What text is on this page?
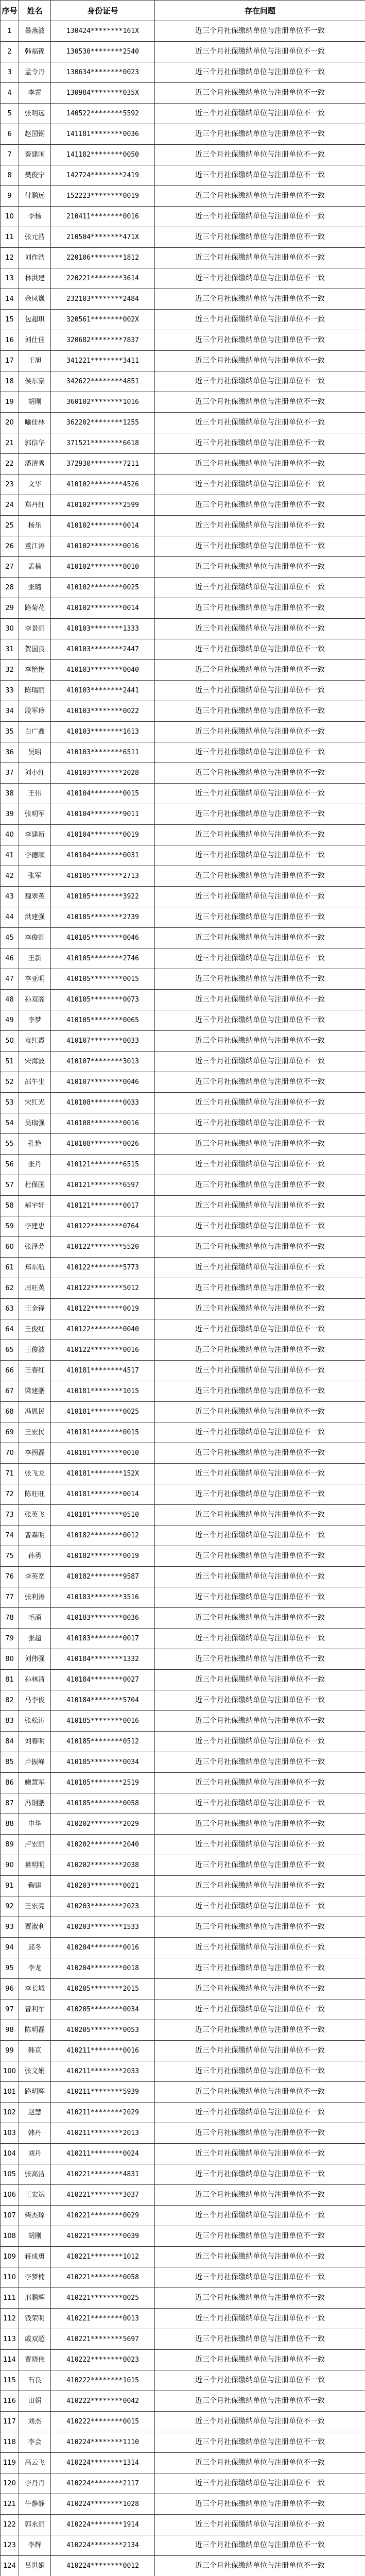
序号	姓名	身份证号	存在问题
1	暴燕波	130424********161X	近三个月社保缴纳单位与注册单位不一致
2	韩福锦	130530********2540	近三个月社保缴纳单位与注册单位不一致
3	孟令丹	130634********0023	近三个月社保缴纳单位与注册单位不一致
4	李雷	130984********035X	近三个月社保缴纳单位与注册单位不一致
5	张明远	140522********5592	近三个月社保缴纳单位与注册单位不一致
6	赵国钢	141181********0036	近三个月社保缴纳单位与注册单位不一致
7	秦建国	141182********0050	近三个月社保缴纳单位与注册单位不一致
8	樊俊宁	142724********2419	近三个月社保缴纳单位与注册单位不一致
9	付鹏远	152223********0019	近三个月社保缴纳单位与注册单位不一致
10	李杨	210411********0016	近三个月社保缴纳单位与注册单位不一致
11	张元浩	210504********471X	近三个月社保缴纳单位与注册单位不一致
12	刘作浩	220106********1812	近三个月社保缴纳单位与注册单位不一致
13	林洪建	220221********3614	近三个月社保缴纳单位与注册单位不一致
14	余凤巍	232103********2484	近三个月社保缴纳单位与注册单位不一致
15	包超琪	320561********002X	近三个月社保缴纳单位与注册单位不一致
16	刘仕佳	320682********7837	近三个月社保缴纳单位与注册单位不一致
17	王旭	341221********3411	近三个月社保缴纳单位与注册单位不一致
18	侯东豪	342622********4851	近三个月社保缴纳单位与注册单位不一致
19	胡刚	360102********1016	近三个月社保缴纳单位与注册单位不一致
20	喻佳林	362202********1255	近三个月社保缴纳单位与注册单位不一致
21	郭信华	371521********6618	近三个月社保缴纳单位与注册单位不一致
22	潘清秀	372930********7211	近三个月社保缴纳单位与注册单位不一致
23	文华	410102********4526	近三个月社保缴纳单位与注册单位不一致
24	郑丹红	410102********2599	近三个月社保缴纳单位与注册单位不一致
25	杨乐	410102********0014	近三个月社保缴纳单位与注册单位不一致
26	董江涛	410102********0016	近三个月社保缴纳单位与注册单位不一致
27	孟楠	410102********0010	近三个月社保缴纳单位与注册单位不一致
28	张璐	410102********0025	近三个月社保缴纳单位与注册单位不一致
29	路菊花	410102********0014	近三个月社保缴纳单位与注册单位不一致
30	李景丽	410103********1333	近三个月社保缴纳单位与注册单位不一致
31	贺国良	410103********2447	近三个月社保缴纳单位与注册单位不一致
32	李艳艳	410103********0040	近三个月社保缴纳单位与注册单位不一致
33	陈瑞丽	410103********2441	近三个月社保缴纳单位与注册单位不一致
34	段军玲	410103********0022	近三个月社保缴纳单位与注册单位不一致
35	白广鑫	410103********1613	近三个月社保缴纳单位与注册单位不一致
36	吴昭	410103********6511	近三个月社保缴纳单位与注册单位不一致
37	刘小红	410103********2028	近三个月社保缴纳单位与注册单位不一致
38	王伟	410104********0015	近三个月社保缴纳单位与注册单位不一致
39	张明军	410104********9011	近三个月社保缴纳单位与注册单位不一致
40	李建新	410104********0019	近三个月社保缴纳单位与注册单位不一致
41	李德顺	410104********0031	近三个月社保缴纳单位与注册单位不一致
42	张军	410105********2713	近三个月社保缴纳单位与注册单位不一致
43	魏翠英	410105********3922	近三个月社保缴纳单位与注册单位不一致
44	洪建强	410105********2739	近三个月社保缴纳单位与注册单位不一致
45	李俊卿	410105********0046	近三个月社保缴纳单位与注册单位不一致
46	王新	410105********2746	近三个月社保缴纳单位与注册单位不一致
47	李亚明	410105********0015	近三个月社保缴纳单位与注册单位不一致
48	孙双阁	410105********0073	近三个月社保缴纳单位与注册单位不一致
49	李梦	410105********0065	近三个月社保缴纳单位与注册单位不一致
50	袁红霞	410107********0033	近三个月社保缴纳单位与注册单位不一致
51	宋海波	410107********3013	近三个月社保缴纳单位与注册单位不一致
52	邵午生	410107********0046	近三个月社保缴纳单位与注册单位不一致
53	宋红光	410108********0033	近三个月社保缴纳单位与注册单位不一致
54	吴瑞强	410108********0016	近三个月社保缴纳单位与注册单位不一致
55	孔艳	410108********0026	近三个月社保缴纳单位与注册单位不一致
56	张丹	410121********6515	近三个月社保缴纳单位与注册单位不一致
57	杜保国	410121********6597	近三个月社保缴纳单位与注册单位不一致
58	郝宇轩	410121********0017	近三个月社保缴纳单位与注册单位不一致
59	李建忠	410122********0764	近三个月社保缴纳单位与注册单位不一致
60	张泽芳	410122********5520	近三个月社保缴纳单位与注册单位不一致
61	郑东航	410122********5773	近三个月社保缴纳单位与注册单位不一致
62	周旺英	410122********5012	近三个月社保缴纳单位与注册单位不一致
63	王金锋	410122********0019	近三个月社保缴纳单位与注册单位不一致
64	王俊红	410122********0040	近三个月社保缴纳单位与注册单位不一致
65	王俊波	410122********0016	近三个月社保缴纳单位与注册单位不一致
66	王春红	410181********4517	近三个月社保缴纳单位与注册单位不一致
67	梁建鹏	410181********1015	近三个月社保缴纳单位与注册单位不一致
68	冯恩民	410181********0025	近三个月社保缴纳单位与注册单位不一致
69	王宏民	410181********0015	近三个月社保缴纳单位与注册单位不一致
70	李拐磊	410181********0010	近三个月社保缴纳单位与注册单位不一致
71	张飞龙	410181********152X	近三个月社保缴纳单位与注册单位不一致
72	陈旺旺	410181********0014	近三个月社保缴纳单位与注册单位不一致
73	张英飞	410181********0510	近三个月社保缴纳单位与注册单位不一致
74	曹森明	410182********0012	近三个月社保缴纳单位与注册单位不一致
75	孙勇	410182********0019	近三个月社保缴纳单位与注册单位不一致
76	李英宽	410182********9587	近三个月社保缴纳单位与注册单位不一致
77	张利涛	410183********3516	近三个月社保缴纳单位与注册单位不一致
78	毛涌	410183********0036	近三个月社保缴纳单位与注册单位不一致
79	张超	410183********0017	近三个月社保缴纳单位与注册单位不一致
80	刘伟强	410184********1332	近三个月社保缴纳单位与注册单位不一致
81	孙林清	410184********0027	近三个月社保缴纳单位与注册单位不一致
82	马李俊	410184********5704	近三个月社保缴纳单位与注册单位不一致
83	张松涛	410185********0016	近三个月社保缴纳单位与注册单位不一致
84	刘春明	410185********0512	近三个月社保缴纳单位与注册单位不一致
85	卢振峰	410185********0034	近三个月社保缴纳单位与注册单位不一致
86	鲍慧军	410185********2519	近三个月社保缴纳单位与注册单位不一致
87	冯钢鹏	410185********0058	近三个月社保缴纳单位与注册单位不一致
88	申华	410202********2029	近三个月社保缴纳单位与注册单位不一致
89	卢宏丽	410202********2040	近三个月社保缴纳单位与注册单位不一致
90	綦明明	410202********2038	近三个月社保缴纳单位与注册单位不一致
91	鞠建	410203********0021	近三个月社保缴纳单位与注册单位不一致
92	王宏亮	410203********2023	近三个月社保缴纳单位与注册单位不一致
93	贾淑利	410203********1533	近三个月社保缴纳单位与注册单位不一致
94	邱冬	410204********0016	近三个月社保缴纳单位与注册单位不一致
95	李龙	410204********0018	近三个月社保缴纳单位与注册单位不一致
96	李长城	410205********2015	近三个月社保缴纳单位与注册单位不一致
97	曾利军	410205********0034	近三个月社保缴纳单位与注册单位不一致
98	陈明磊	410205********0053	近三个月社保缴纳单位与注册单位不一致
99	韩京	410211********0016	近三个月社保缴纳单位与注册单位不一致
100	张文娟	410211********2033	近三个月社保缴纳单位与注册单位不一致
101	路明辉	410211********5939	近三个月社保缴纳单位与注册单位不一致
102	赵慧	410211********2029	近三个月社保缴纳单位与注册单位不一致
103	韩丹	410211********2013	近三个月社保缴纳单位与注册单位不一致
104	刘丹	410211********0024	近三个月社保缴纳单位与注册单位不一致
105	张高洁	410221********4831	近三个月社保缴纳单位与注册单位不一致
106	王宏斌	410221********3037	近三个月社保缴纳单位与注册单位不一致
107	柴杰琼	410221********0029	近三个月社保缴纳单位与注册单位不一致
108	胡刚	410221********0039	近三个月社保缴纳单位与注册单位不一致
109	蒋成勇	410221********1012	近三个月社保缴纳单位与注册单位不一致
110	李梦楠	410221********0058	近三个月社保缴纳单位与注册单位不一致
111	邢鹏辉	410221********0025	近三个月社保缴纳单位与注册单位不一致
112	钱荣明	410221********0013	近三个月社保缴纳单位与注册单位不一致
113	戚双超	410221********5697	近三个月社保缴纳单位与注册单位不一致
114	贾晓伟	410222********0023	近三个月社保缴纳单位与注册单位不一致
115	石良	410222********1015	近三个月社保缴纳单位与注册单位不一致
116	田娟	410222********0042	近三个月社保缴纳单位与注册单位不一致
117	刘杰	410222********0015	近三个月社保缴纳单位与注册单位不一致
118	李会	410224********1110	近三个月社保缴纳单位与注册单位不一致
119	高云飞	410224********1314	近三个月社保缴纳单位与注册单位不一致
120	李丹丹	410224********2117	近三个月社保缴纳单位与注册单位不一致
121	牛静静	410224********1028	近三个月社保缴纳单位与注册单位不一致
122	郭永丽	410224********1914	近三个月社保缴纳单位与注册单位不一致
123	李辉	410224********2134	近三个月社保缴纳单位与注册单位不一致
124	吕世娟	410224********0012	近三个月社保缴纳单位与注册单位不一致
